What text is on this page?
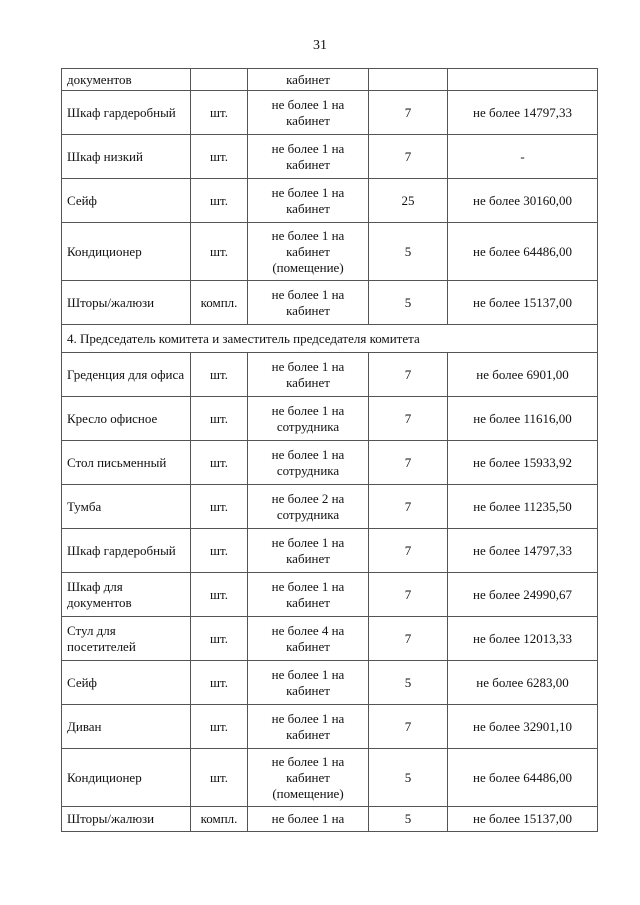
31
документов		кабинет		
Шкаф гардеробный	шт.	не более 1 на кабинет	7	не более 14797,33
Шкаф низкий	шт.	не более 1 на кабинет	7	-
Сейф	шт.	не более 1 на кабинет	25	не более 30160,00
Кондиционер	шт.	не более 1 на кабинет (помещение)	5	не более 64486,00
Шторы/жалюзи	компл.	не более 1 на кабинет	5	не более 15137,00
4. Председатель комитета и заместитель председателя комитета				
Греденция для офиса	шт.	не более 1 на кабинет	7	не более 6901,00
Кресло офисное	шт.	не более 1 на сотрудника	7	не более 11616,00
Стол письменный	шт.	не более 1 на сотрудника	7	не более 15933,92
Тумба	шт.	не более 2 на сотрудника	7	не более 11235,50
Шкаф гардеробный	шт.	не более 1 на кабинет	7	не более 14797,33
Шкаф для документов	шт.	не более 1 на кабинет	7	не более 24990,67
Стул для посетителей	шт.	не более 4 на кабинет	7	не более 12013,33
Сейф	шт.	не более 1 на кабинет	5	не более 6283,00
Диван	шт.	не более 1 на кабинет	7	не более 32901,10
Кондиционер	шт.	не более 1 на кабинет (помещение)	5	не более 64486,00
Шторы/жалюзи	компл.	не более 1 на	5	не более 15137,00
